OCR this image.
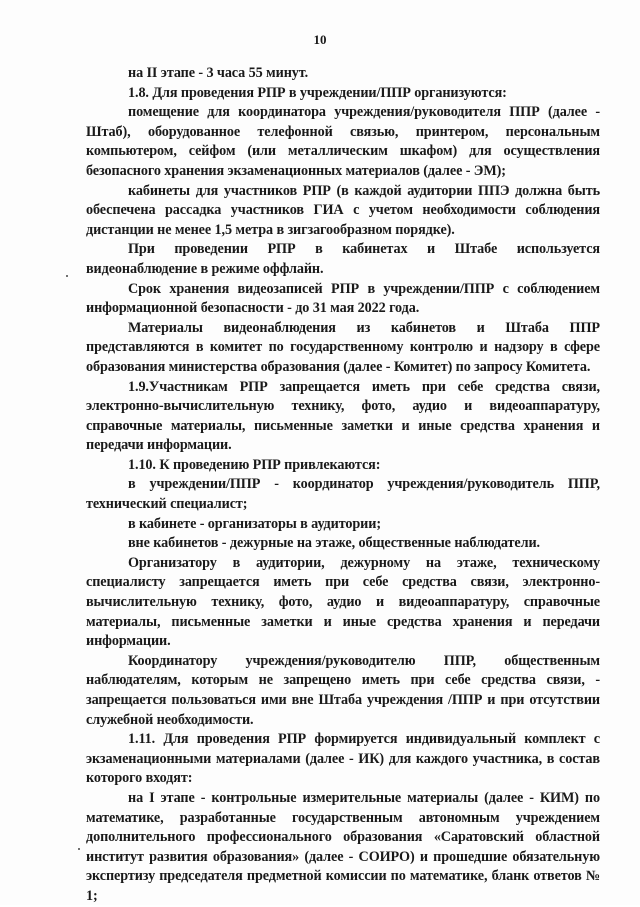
10

на II этапе - 3 часа 55 минут.

1.8. Для проведения РПР в учреждении/ППР организуются:

помещение для координатора учреждения/руководителя ППР (далее - Штаб), оборудованное телефонной связью, принтером, персональным компьютером, сейфом (или металлическим шкафом) для осуществления безопасного хранения экзаменационных материалов (далее - ЭМ);

кабинеты для участников РПР (в каждой аудитории ППЭ должна быть обеспечена рассадка участников ГИА с учетом необходимости соблюдения дистанции не менее 1,5 метра в зигзагообразном порядке).

При проведении РПР в кабинетах и Штабе используется видеонаблюдение в режиме оффлайн.

Срок хранения видеозаписей РПР в учреждении/ППР с соблюдением информационной безопасности - до 31 мая 2022 года.

Материалы видеонаблюдения из кабинетов и Штаба ППР представляются в комитет по государственному контролю и надзору в сфере образования министерства образования (далее - Комитет) по запросу Комитета.

1.9.Участникам РПР запрещается иметь при себе средства связи, электронно-вычислительную технику, фото, аудио и видеоаппаратуру, справочные материалы, письменные заметки и иные средства хранения и передачи информации.

1.10. К проведению РПР привлекаются:

в учреждении/ППР - координатор учреждения/руководитель ППР, технический специалист;

в кабинете - организаторы в аудитории;

вне кабинетов - дежурные на этаже, общественные наблюдатели.

Организатору в аудитории, дежурному на этаже, техническому специалисту запрещается иметь при себе средства связи, электронно-вычислительную технику, фото, аудио и видеоаппаратуру, справочные материалы, письменные заметки и иные средства хранения и передачи информации.

Координатору учреждения/руководителю ППР, общественным наблюдателям, которым не запрещено иметь при себе средства связи, - запрещается пользоваться ими вне Штаба учреждения /ППР и при отсутствии служебной необходимости.

1.11. Для проведения РПР формируется индивидуальный комплект с экзаменационными материалами (далее - ИК) для каждого участника, в состав которого входят:

на I этапе - контрольные измерительные материалы (далее - КИМ) по математике, разработанные государственным автономным учреждением дополнительного профессионального образования «Саратовский областной институт развития образования» (далее - СОИРО) и прошедшие обязательную экспертизу председателя предметной комиссии по математике, бланк ответов № 1;
